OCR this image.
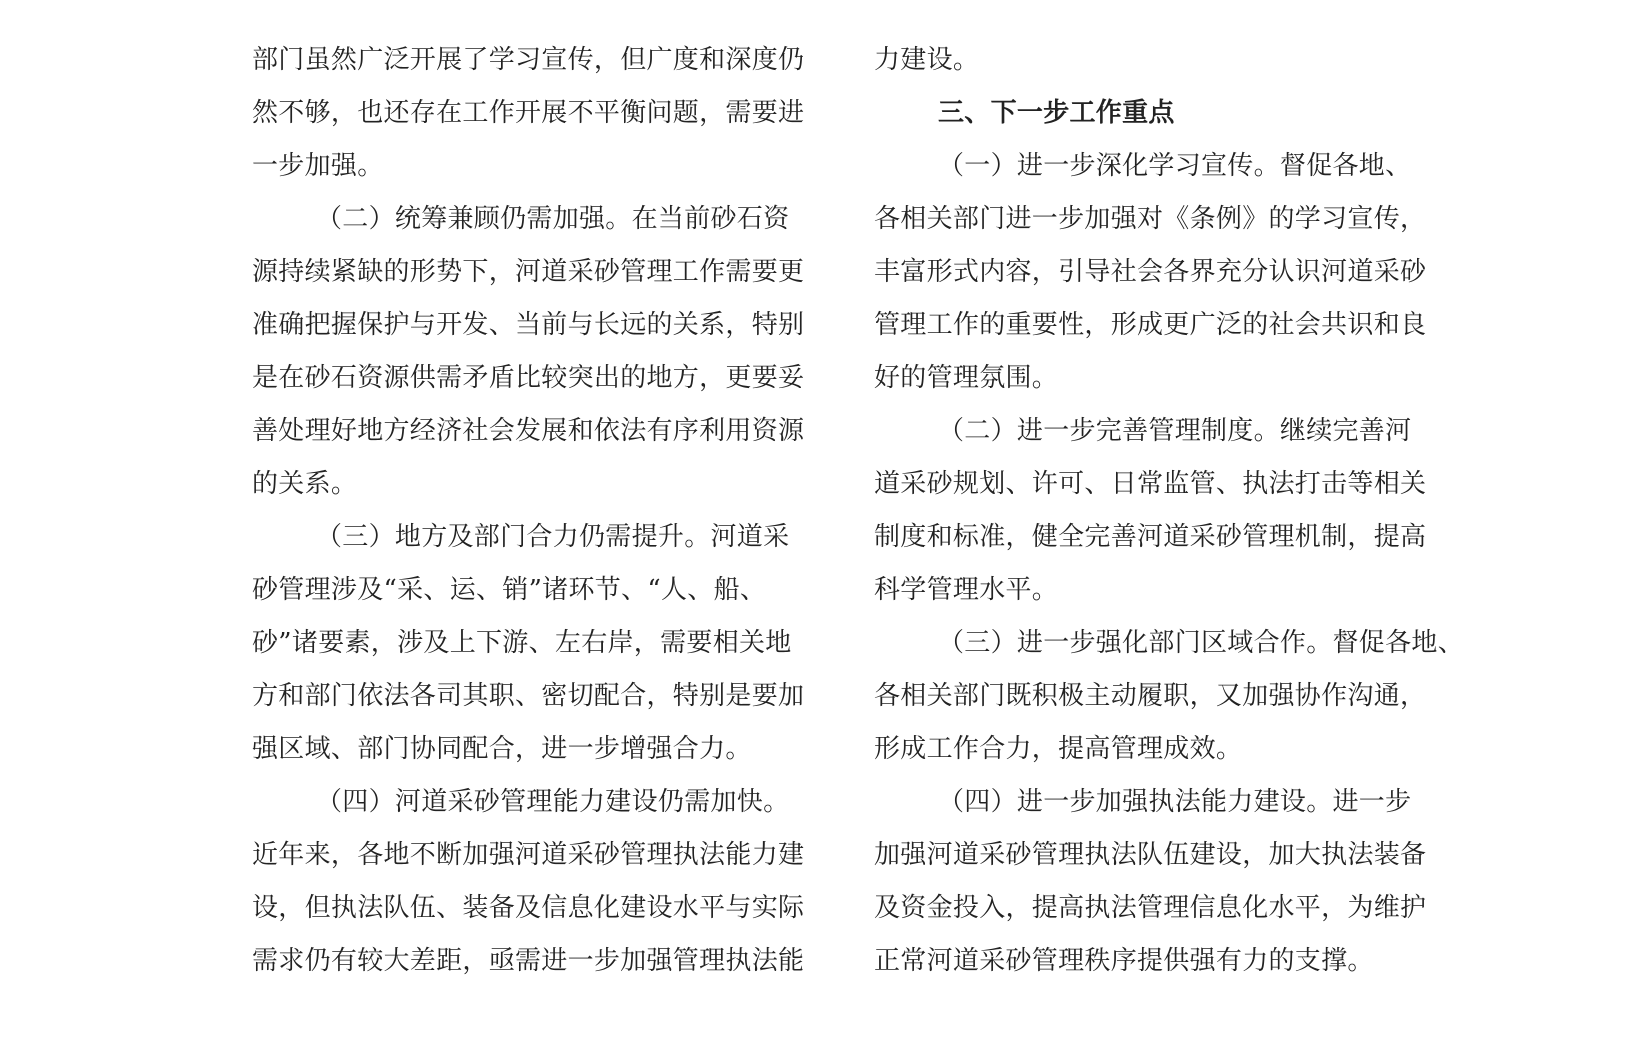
部门虽然广泛开展了学习宣传，但广度和深度仍
然不够，也还存在工作开展不平衡问题，需要进
一步加强。
（二）统筹兼顾仍需加强。在当前砂石资
源持续紧缺的形势下，河道采砂管理工作需要更
准确把握保护与开发、当前与长远的关系，特别
是在砂石资源供需矛盾比较突出的地方，更要妥
善处理好地方经济社会发展和依法有序利用资源
的关系。
（三）地方及部门合力仍需提升。河道采
砂管理涉及“采、运、销”诸环节、“人、船、
砂”诸要素，涉及上下游、左右岸，需要相关地
方和部门依法各司其职、密切配合，特别是要加
强区域、部门协同配合，进一步增强合力。
（四）河道采砂管理能力建设仍需加快。
近年来，各地不断加强河道采砂管理执法能力建
设，但执法队伍、装备及信息化建设水平与实际
需求仍有较大差距，亟需进一步加强管理执法能
力建设。
三、下一步工作重点
（一）进一步深化学习宣传。督促各地、
各相关部门进一步加强对《条例》的学习宣传，
丰富形式内容，引导社会各界充分认识河道采砂
管理工作的重要性，形成更广泛的社会共识和良
好的管理氛围。
（二）进一步完善管理制度。继续完善河
道采砂规划、许可、日常监管、执法打击等相关
制度和标准，健全完善河道采砂管理机制，提高
科学管理水平。
（三）进一步强化部门区域合作。督促各地、
各相关部门既积极主动履职，又加强协作沟通，
形成工作合力，提高管理成效。
（四）进一步加强执法能力建设。进一步
加强河道采砂管理执法队伍建设，加大执法装备
及资金投入，提高执法管理信息化水平，为维护
正常河道采砂管理秩序提供强有力的支撑。
